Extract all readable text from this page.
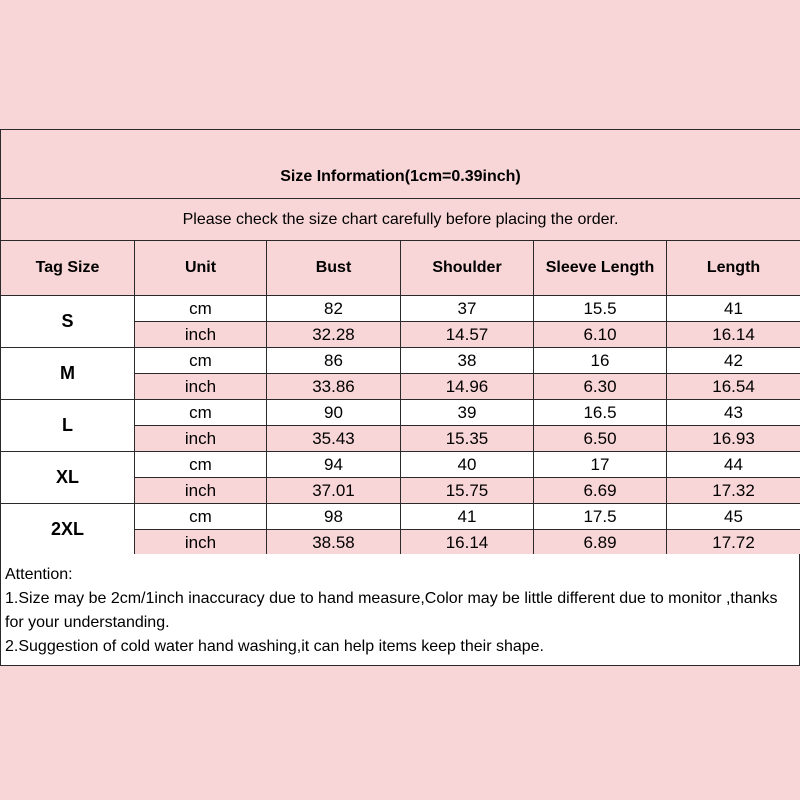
Size Information(1cm=0.39inch)					
Please check the size chart carefully before placing the order.					
Tag Size	Unit	Bust	Shoulder	Sleeve Length	Length
S	cm	82	37	15.5	41
	inch	32.28	14.57	6.10	16.14
M	cm	86	38	16	42
	inch	33.86	14.96	6.30	16.54
L	cm	90	39	16.5	43
	inch	35.43	15.35	6.50	16.93
XL	cm	94	40	17	44
	inch	37.01	15.75	6.69	17.32
2XL	cm	98	41	17.5	45
	inch	38.58	16.14	6.89	17.72
Attention:
1.Size may be 2cm/1inch inaccuracy due to hand measure,Color may be little different due to monitor ,thanks for your understanding.
2.Suggestion of cold water hand washing,it can help items keep their shape.
